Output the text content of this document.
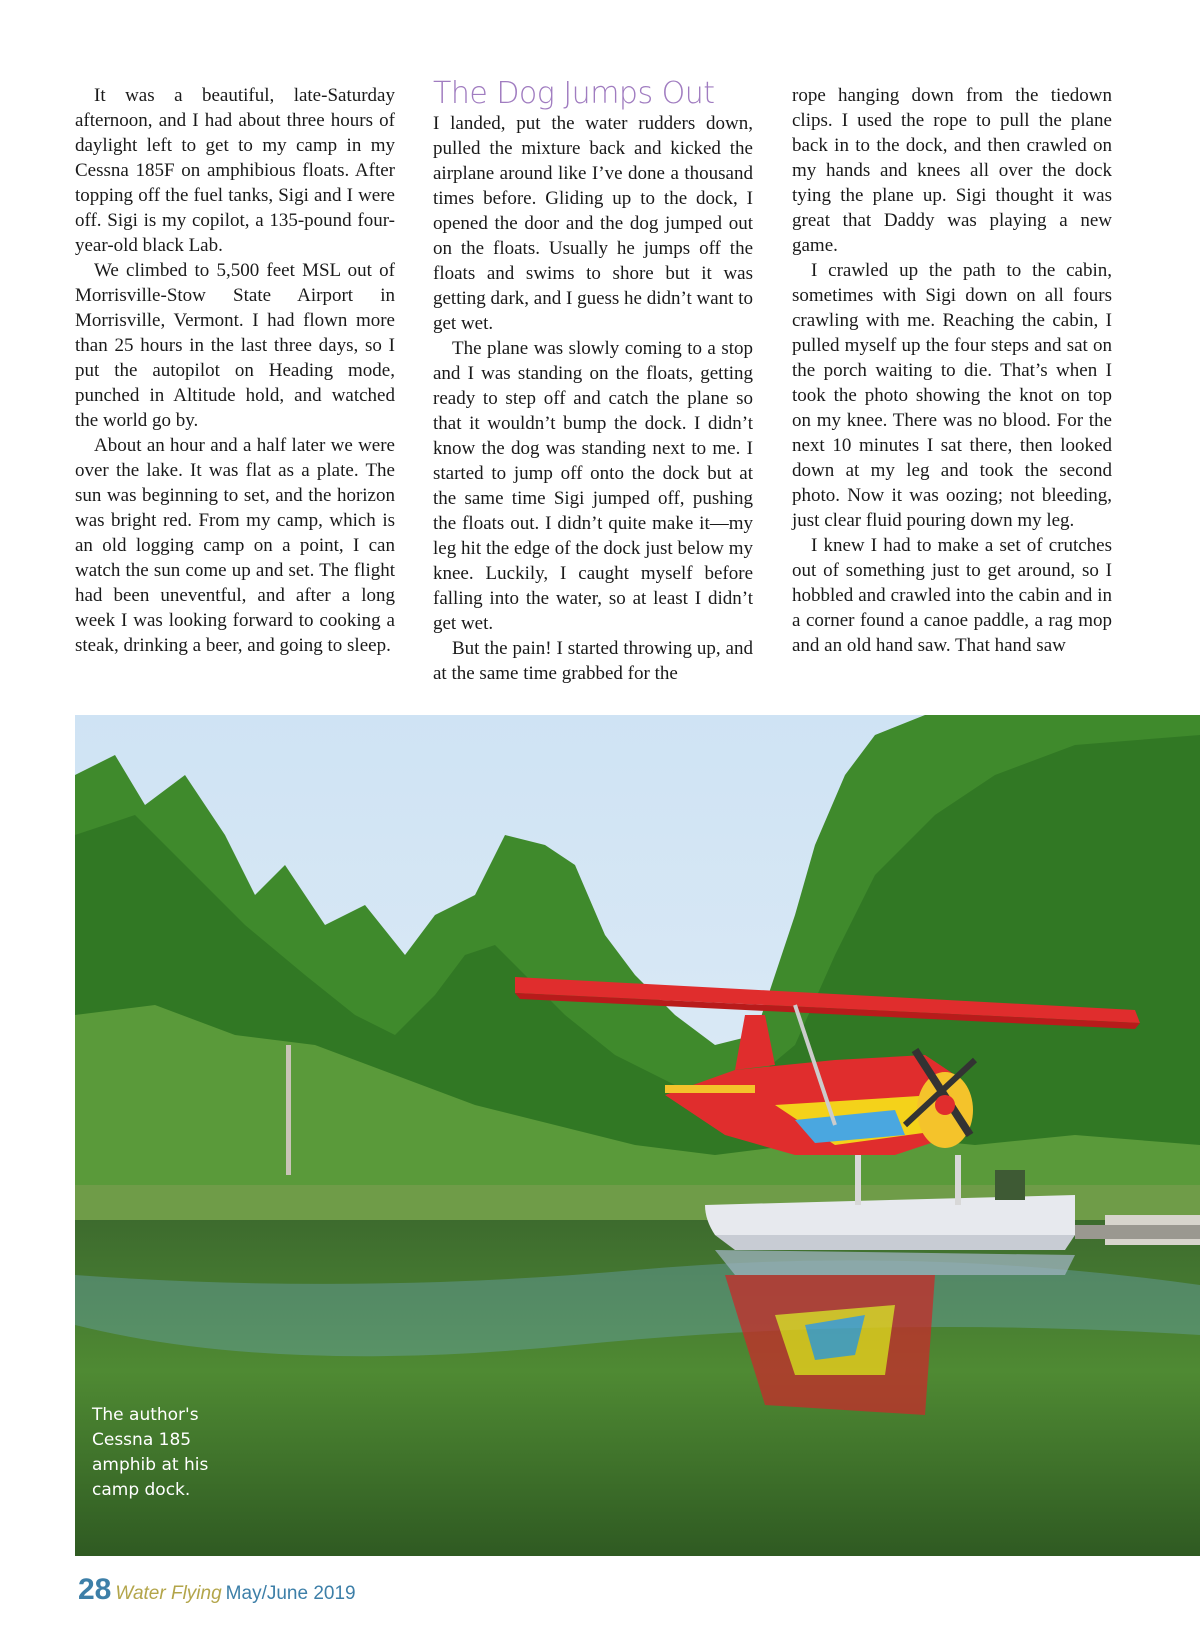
It was a beautiful, late-Saturday afternoon, and I had about three hours of daylight left to get to my camp in my Cessna 185F on amphibious floats. After topping off the fuel tanks, Sigi and I were off. Sigi is my copilot, a 135-pound four-year-old black Lab.

We climbed to 5,500 feet MSL out of Morrisville-Stow State Airport in Morrisville, Vermont. I had flown more than 25 hours in the last three days, so I put the autopilot on Heading mode, punched in Altitude hold, and watched the world go by.

About an hour and a half later we were over the lake. It was flat as a plate. The sun was beginning to set, and the horizon was bright red. From my camp, which is an old logging camp on a point, I can watch the sun come up and set. The flight had been uneventful, and after a long week I was looking forward to cooking a steak, drinking a beer, and going to sleep.

The Dog Jumps Out

I landed, put the water rudders down, pulled the mixture back and kicked the airplane around like I’ve done a thousand times before. Gliding up to the dock, I opened the door and the dog jumped out on the floats. Usually he jumps off the floats and swims to shore but it was getting dark, and I guess he didn’t want to get wet.

The plane was slowly coming to a stop and I was standing on the floats, getting ready to step off and catch the plane so that it wouldn’t bump the dock. I didn’t know the dog was standing next to me. I started to jump off onto the dock but at the same time Sigi jumped off, pushing the floats out. I didn’t quite make it—my leg hit the edge of the dock just below my knee. Luckily, I caught myself before falling into the water, so at least I didn’t get wet.

But the pain! I started throwing up, and at the same time grabbed for the

rope hanging down from the tiedown clips. I used the rope to pull the plane back in to the dock, and then crawled on my hands and knees all over the dock tying the plane up. Sigi thought it was great that Daddy was playing a new game.

I crawled up the path to the cabin, sometimes with Sigi down on all fours crawling with me. Reaching the cabin, I pulled myself up the four steps and sat on the porch waiting to die. That’s when I took the photo showing the knot on top on my knee. There was no blood. For the next 10 minutes I sat there, then looked down at my leg and took the second photo. Now it was oozing; not bleeding, just clear fluid pouring down my leg.

I knew I had to make a set of crutches out of something just to get around, so I hobbled and crawled into the cabin and in a corner found a canoe paddle, a rag mop and an old hand saw. That hand saw

The author's Cessna 185 amphib at his camp dock.
28 Water Flying May/June 2019
